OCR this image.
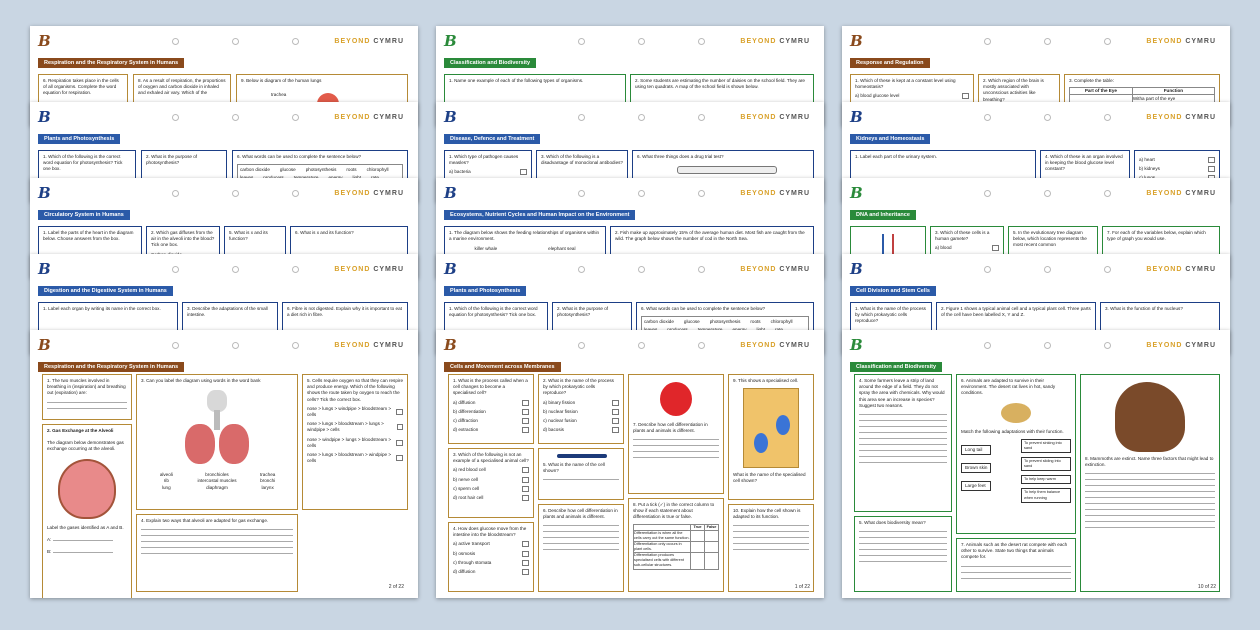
B	BEYOND CYMRU
Respiration and the Respiratory System in Humans
6. Respiration takes place in the cells of all organisms. Complete the word equation for respiration.
8. As a result of respiration, the proportions of oxygen and carbon dioxide in inhaled and exhaled air vary. Which of the
9. Below is diagram of the human lungs
trachea
B	BEYOND CYMRU
Plants and Photosynthesis
1. Which of the following is the correct word equation for photosynthesis? Tick one box.
2. What is the purpose of photosynthesis?
6. What words can be used to complete the sentence below?
carbon dioxide glucose photosynthesis roots chlorophyll
B	BEYOND CYMRU
Circulatory System in Humans
1. Label the parts of the heart in the diagram below. Choose answers from the box.
2. Which gas diffuses from the air in the alveoli into the blood? Tick one box.
5. What is x and its function?
6. What is x and its function?
B	BEYOND CYMRU
Digestion and the Digestive System in Humans
1. Label each organ by writing its name in the correct box.	3. Describe the adaptations of the small intestine.
6. Fibre is not digested. Explain why it is important to eat a diet rich in fibre.
B	BEYOND CYMRU
Respiration and the Respiratory System in Humans
1. The two muscles involved in breathing in (inspiration) and breathing out (expiration) are:
2. Gas Exchange at the Alveoli
The diagram below demonstrates gas exchange occurring at the alveoli.
Label the gases identified as A and B.
A:
B:
3. Can you label the diagram using words in the word bank
alveoli	bronchioles	trachea
rib	intercostal muscles	bronchi
lung	diaphragm	larynx
4. Explain two ways that alveoli are adapted for gas exchange.
5. Cells require oxygen so that they can respire and produce energy. Which of the following shows the route taken by oxygen to reach the cells? Tick the correct box.
nose > lungs > windpipe > bloodstream > cells
nose > lungs > bloodstream > lungs > windpipe > cells
nose > windpipe > lungs > bloodstream > cells
nose > lungs > bloodstream > windpipe > cells
2 of 22
B	BEYOND CYMRU
Classification and Biodiversity
1. Name one example of each of the following types of organisms.	2. Some students are estimating the number of daisies on the school field. They are using ten quadrats. A map of the school field is shown below.
B	BEYOND CYMRU
Disease, Defence and Treatment
1. Which type of pathogen causes measles?
a) bacteria
3. Which of the following is a disadvantage of monoclonal antibodies?
6. What three things does a drug trial test?
B	BEYOND CYMRU
Ecosystems, Nutrient Cycles and Human Impact on the Environment
1. The diagram below shows the feeding relationships of organisms within a marine environment.
killer whale	elephant seal
2. Fish make up approximately 15% of the average human diet. Most fish are caught from the wild. The graph below shows the number of cod in the North Sea.
B	BEYOND CYMRU
Plants and Photosynthesis
1. Which of the following is the correct word equation for photosynthesis? Tick one box.
2. What is the purpose of photosynthesis?
6. What words can be used to complete the sentence below?
carbon dioxide glucose photosynthesis roots chlorophyll
B	BEYOND CYMRU
Cells and Movement across Membranes
1. What is the process called when a cell changes to become a specialised cell?
a) diffusion
b) differentiation
c) diffraction
d) extraction
3. Which of the following is not an example of a specialised animal cell?
a) red blood cell
b) nerve cell
c) sperm cell
d) root hair cell
4. How does glucose move from the intestine into the bloodstream?
a) active transport
b) osmosis
c) through stomata
d) diffusion
2. What is the name of the process by which prokaryotic cells reproduce?
a) binary fission
b) nuclear fission
c) nuclear fusion
d) bacosis
5. What is the name of the cell shown?
6. Describe how cell differentiation in plants and animals is different.
7. Describe how cell differentiation in plants and animals is different.
8. Put a tick (✓) in the correct column to show if each statement about differentiation is true or false.
	True	False
Differentiation is when all the cells carry out the same function.		
Differentiation only occurs in plant cells.		
Differentiation produces specialised cells with different sub-cellular structures.		
9. This shows a specialised cell.
What is the name of the specialised cell shown?
10. Explain how the cell shown is adapted to its function.
1 of 22
B	BEYOND CYMRU
Response and Regulation
1. Which of these is kept at a constant level using homeostasis?
a) blood glucose level
2. Which region of the brain is mostly associated with unconscious activities like breathing?
3. Complete the table:
Part of the Eye	Function
	Witha part of the eye
B	BEYOND CYMRU
Kidneys and Homeostasis
1. Label each part of the urinary system.	4. Which of these is an organ involved in keeping the blood glucose level constant?
a) heart
b) kidneys
B	BEYOND CYMRU
DNA and Inheritance
3. Which of these cells is a human gamete?
a) blood
5. In the evolutionary tree diagram below, which location represents the most recent common
7. For each of the variables below, explain which type of graph you would use.
B	BEYOND CYMRU
Cell Division and Stem Cells
1. What is the name of the process by which prokaryotic cells reproduce?
2. Figure 1 shows a typical animal cell and a typical plant cell. Three parts of the cell have been labelled X, Y and Z.
3. What is the function of the nucleus?
B	BEYOND CYMRU
Classification and Biodiversity
4. Some farmers leave a strip of land around the edge of a field. They do not spray the area with chemicals. Why would this area see an increase in species? Suggest two reasons.
5. What does biodiversity mean?
6. Animals are adapted to survive in their environment. The desert rat lives in hot, sandy conditions.
Match the following adaptations with their function.
Long tail
Brown skin
Large feet
To prevent sinking into sand
To prevent sliding into sand
To help keep warm
To help them balance when running
7. Animals such as the desert rat compete with each other to survive. State two things that animals compete for.
8. Mammoths are extinct. Name three factors that might lead to extinction.
10 of 22
